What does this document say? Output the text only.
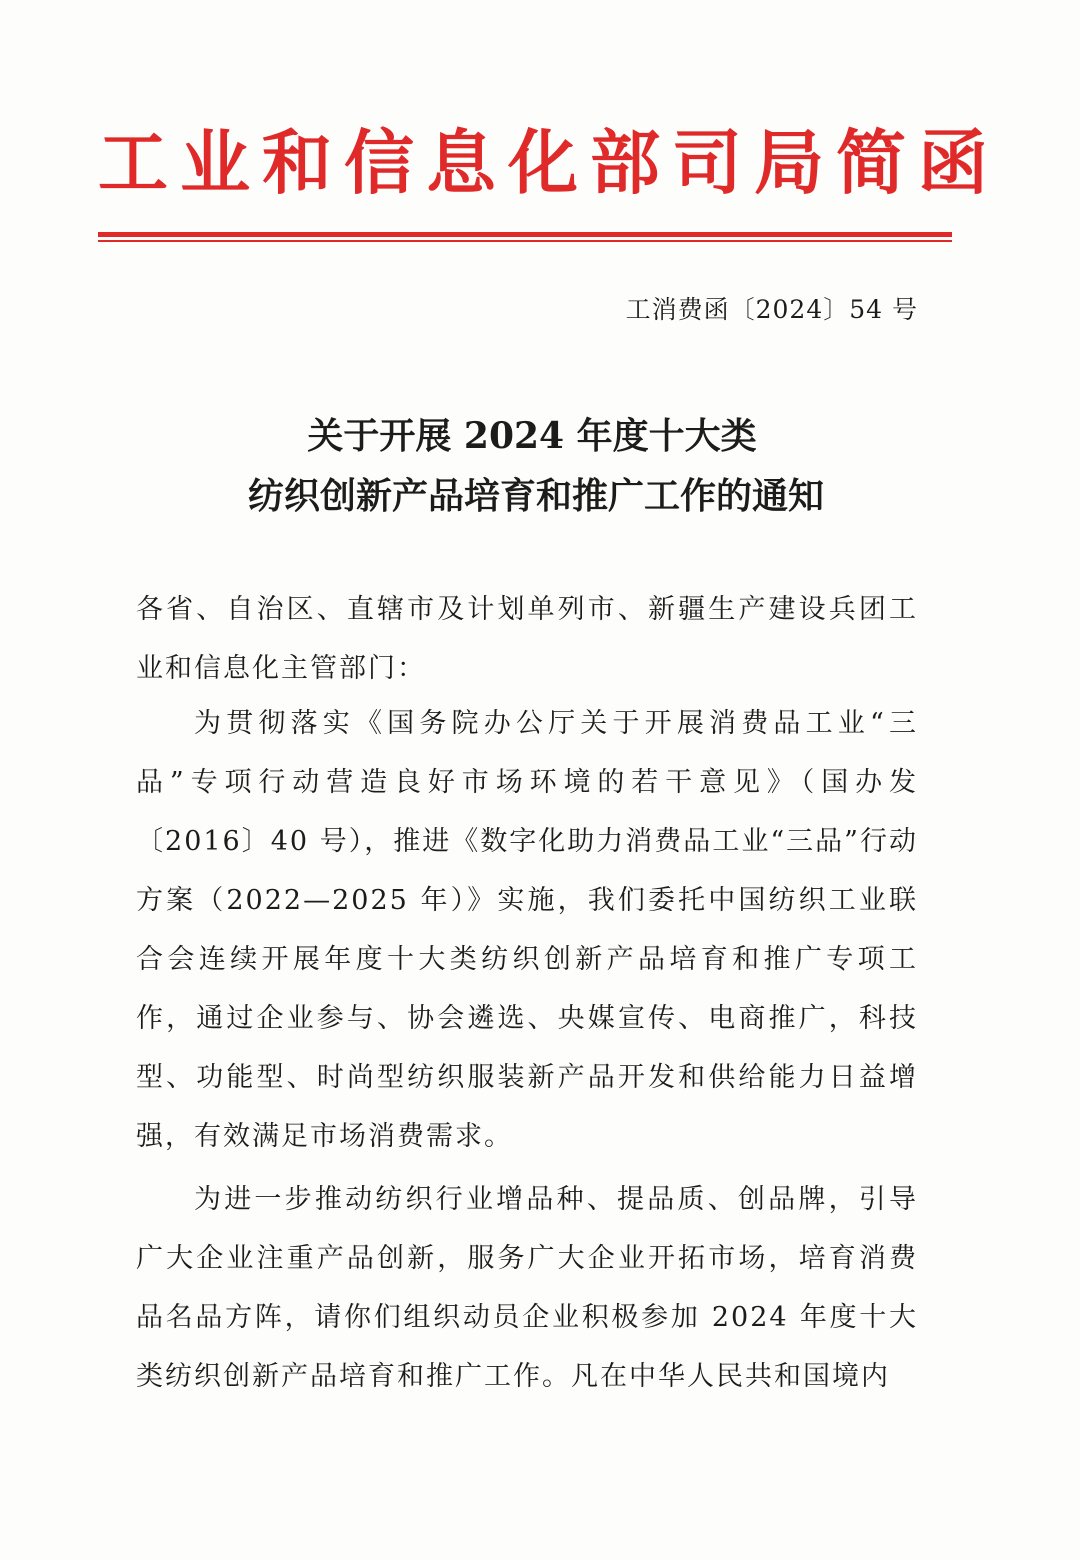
工业和信息化部司局简函
工消费函〔2024〕54 号
关于开展 2024 年度十大类
纺织创新产品培育和推广工作的通知
各省、自治区、直辖市及计划单列市、新疆生产建设兵团工业和信息化主管部门：
为贯彻落实《国务院办公厅关于开展消费品工业“三品”专项行动营造良好市场环境的若干意见》（国办发〔2016〕40 号），推进《数字化助力消费品工业“三品”行动方案（2022—2025 年）》实施，我们委托中国纺织工业联合会连续开展年度十大类纺织创新产品培育和推广专项工作，通过企业参与、协会遴选、央媒宣传、电商推广，科技型、功能型、时尚型纺织服装新产品开发和供给能力日益增强，有效满足市场消费需求。
为进一步推动纺织行业增品种、提品质、创品牌，引导广大企业注重产品创新，服务广大企业开拓市场，培育消费品名品方阵，请你们组织动员企业积极参加 2024 年度十大类纺织创新产品培育和推广工作。凡在中华人民共和国境内
